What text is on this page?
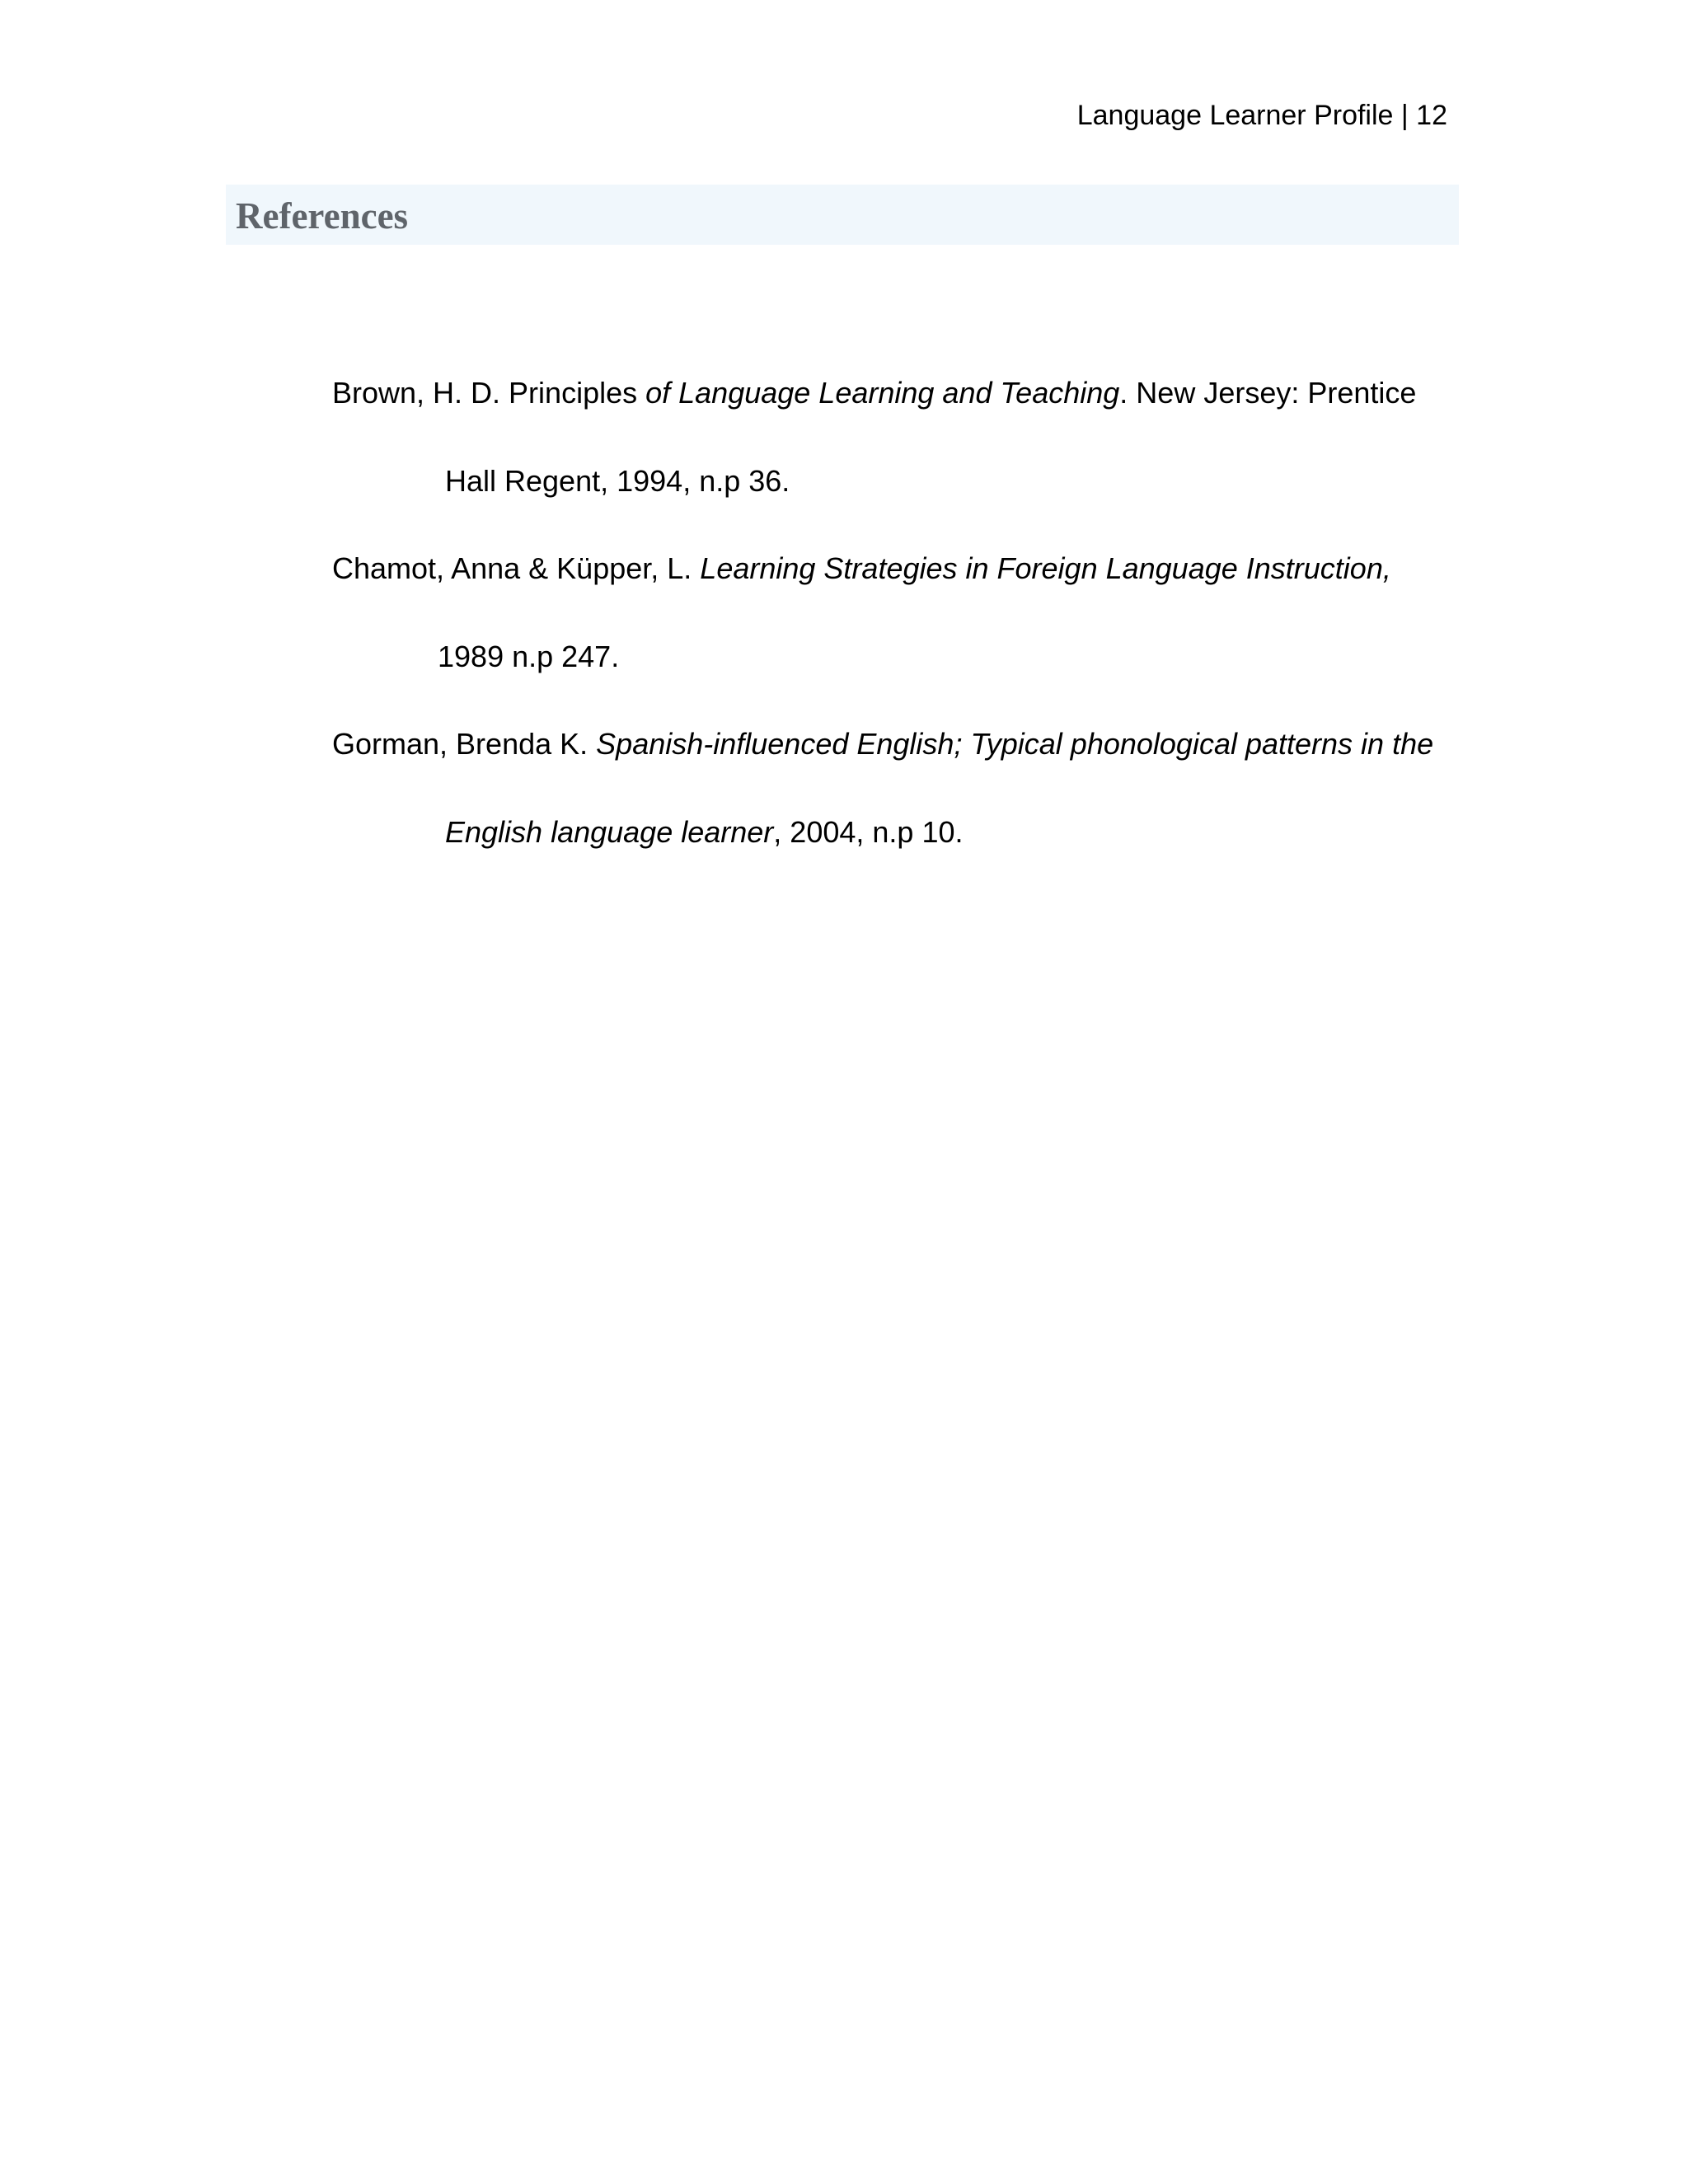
Language Learner Profile | 12
References
Brown, H. D. Principles of Language Learning and Teaching. New Jersey: Prentice
Hall Regent, 1994, n.p 36.
Chamot, Anna & Küpper, L. Learning Strategies in Foreign Language Instruction,
1989 n.p 247.
Gorman, Brenda K. Spanish-influenced English; Typical phonological patterns in the
English language learner, 2004, n.p 10.
